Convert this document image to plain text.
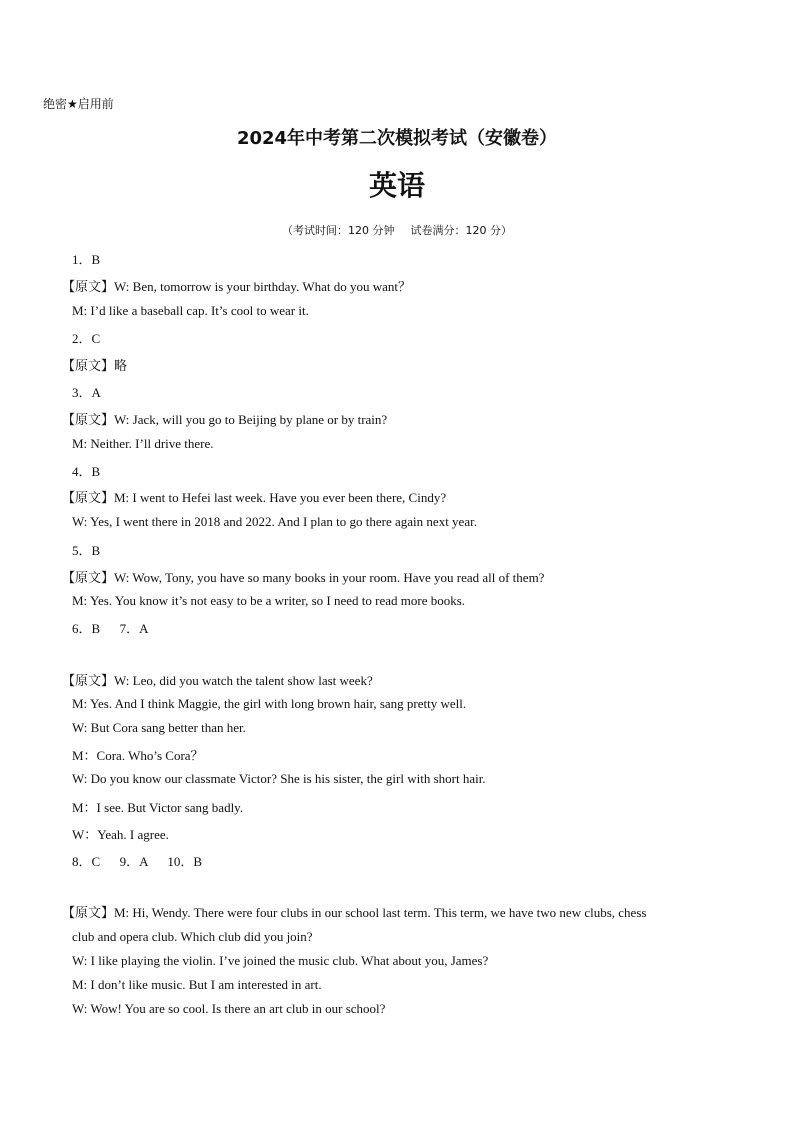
绝密★启用前
2024年中考第二次模拟考试（安徽卷）
英语
（考试时间：120 分钟 试卷满分：120 分）
1．B
【原文】W: Ben, tomorrow is your birthday. What do you want？
M: I’d like a baseball cap. It’s cool to wear it.
2．C
【原文】略
3．A
【原文】W: Jack, will you go to Beijing by plane or by train?
M: Neither. I’ll drive there.
4．B
【原文】M: I went to Hefei last week. Have you ever been there, Cindy?
W: Yes, I went there in 2018 and 2022. And I plan to go there again next year.
5．B
【原文】W: Wow, Tony, you have so many books in your room. Have you read all of them?
M: Yes. You know it’s not easy to be a writer, so I need to read more books.
6．B      7．A
【原文】W: Leo, did you watch the talent show last week?
M: Yes. And I think Maggie, the girl with long brown hair, sang pretty well.
W: But Cora sang better than her.
M：Cora. Who’s Cora？
W: Do you know our classmate Victor? She is his sister, the girl with short hair.
M：I see. But Victor sang badly.
W：Yeah. I agree.
8．C      9．A      10．B
【原文】M: Hi, Wendy. There were four clubs in our school last term. This term, we have two new clubs, chess
club and opera club. Which club did you join?
W: I like playing the violin. I’ve joined the music club. What about you, James?
M: I don’t like music. But I am interested in art.
W: Wow! You are so cool. Is there an art club in our school?
